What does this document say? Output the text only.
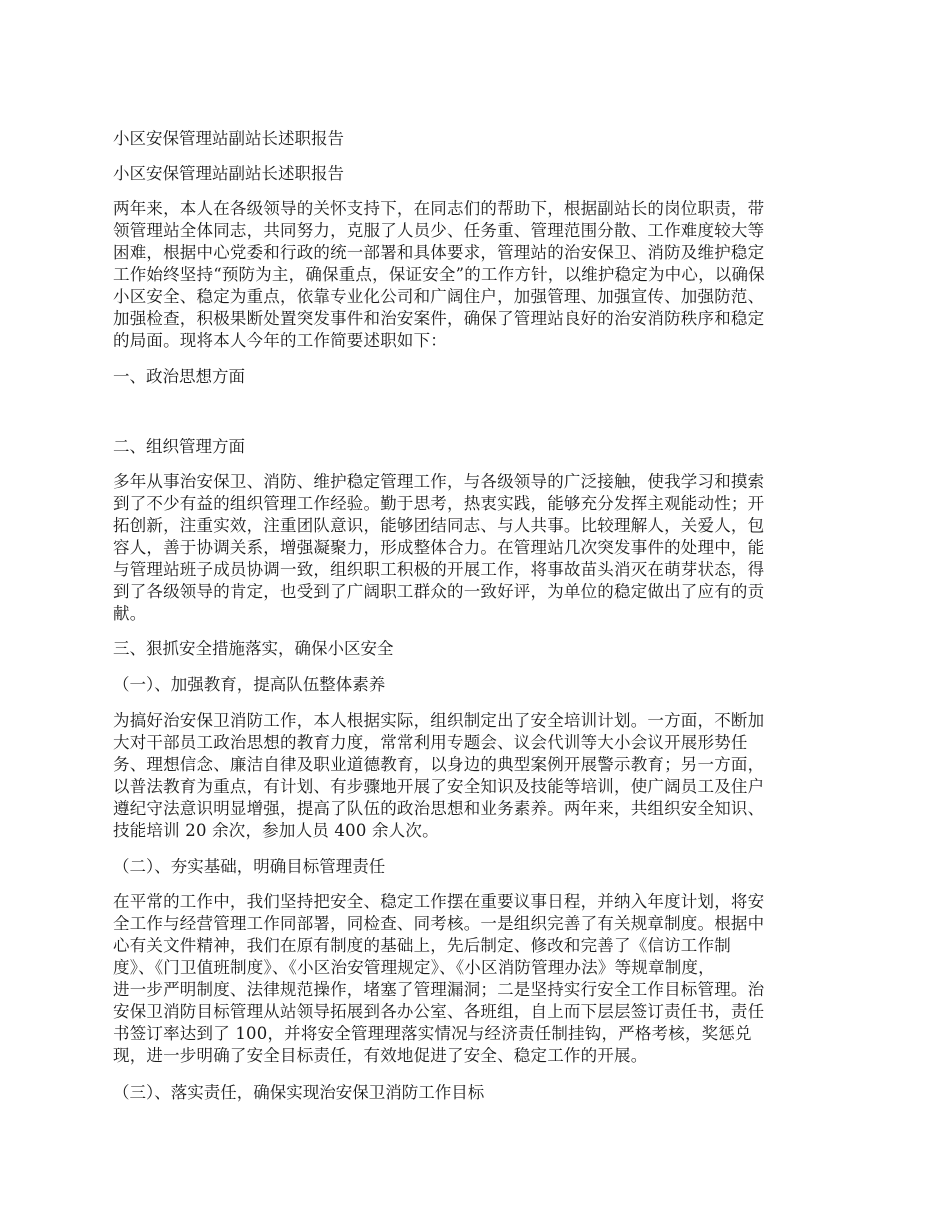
小区安保管理站副站长述职报告
小区安保管理站副站长述职报告
两年来，本人在各级领导的关怀支持下，在同志们的帮助下，根据副站长的岗位职责，带
领管理站全体同志，共同努力，克服了人员少、任务重、管理范围分散、工作难度较大等
困难，根据中心党委和行政的统一部署和具体要求，管理站的治安保卫、消防及维护稳定
工作始终坚持“预防为主，确保重点，保证安全”的工作方针，以维护稳定为中心，以确保
小区安全、稳定为重点，依靠专业化公司和广阔住户，加强管理、加强宣传、加强防范、
加强检查，积极果断处置突发事件和治安案件，确保了管理站良好的治安消防秩序和稳定
的局面。现将本人今年的工作简要述职如下：
一、政治思想方面
二、组织管理方面
多年从事治安保卫、消防、维护稳定管理工作，与各级领导的广泛接触，使我学习和摸索
到了不少有益的组织管理工作经验。勤于思考，热衷实践，能够充分发挥主观能动性；开
拓创新，注重实效，注重团队意识，能够团结同志、与人共事。比较理解人，关爱人，包
容人，善于协调关系，增强凝聚力，形成整体合力。在管理站几次突发事件的处理中，能
与管理站班子成员协调一致，组织职工积极的开展工作，将事故苗头消灭在萌芽状态，得
到了各级领导的肯定，也受到了广阔职工群众的一致好评，为单位的稳定做出了应有的贡
献。
三、狠抓安全措施落实，确保小区安全
（一）、加强教育，提高队伍整体素养
为搞好治安保卫消防工作，本人根据实际，组织制定出了安全培训计划。一方面，不断加
大对干部员工政治思想的教育力度，常常利用专题会、议会代训等大小会议开展形势任
务、理想信念、廉洁自律及职业道德教育，以身边的典型案例开展警示教育；另一方面，
以普法教育为重点，有计划、有步骤地开展了安全知识及技能等培训，使广阔员工及住户
遵纪守法意识明显增强，提高了队伍的政治思想和业务素养。两年来，共组织安全知识、
技能培训 20 余次，参加人员 400 余人次。
（二）、夯实基础，明确目标管理责任
在平常的工作中，我们坚持把安全、稳定工作摆在重要议事日程，并纳入年度计划，将安
全工作与经营管理工作同部署，同检查、同考核。一是组织完善了有关规章制度。根据中
心有关文件精神，我们在原有制度的基础上，先后制定、修改和完善了《信访工作制
度》、《门卫值班制度》、《小区治安管理规定》、《小区消防管理办法》等规章制度，
进一步严明制度、法律规范操作，堵塞了管理漏洞；二是坚持实行安全工作目标管理。治
安保卫消防目标管理从站领导拓展到各办公室、各班组，自上而下层层签订责任书，责任
书签订率达到了 100，并将安全管理理落实情况与经济责任制挂钩，严格考核，奖惩兑
现，进一步明确了安全目标责任，有效地促进了安全、稳定工作的开展。
（三）、落实责任，确保实现治安保卫消防工作目标
